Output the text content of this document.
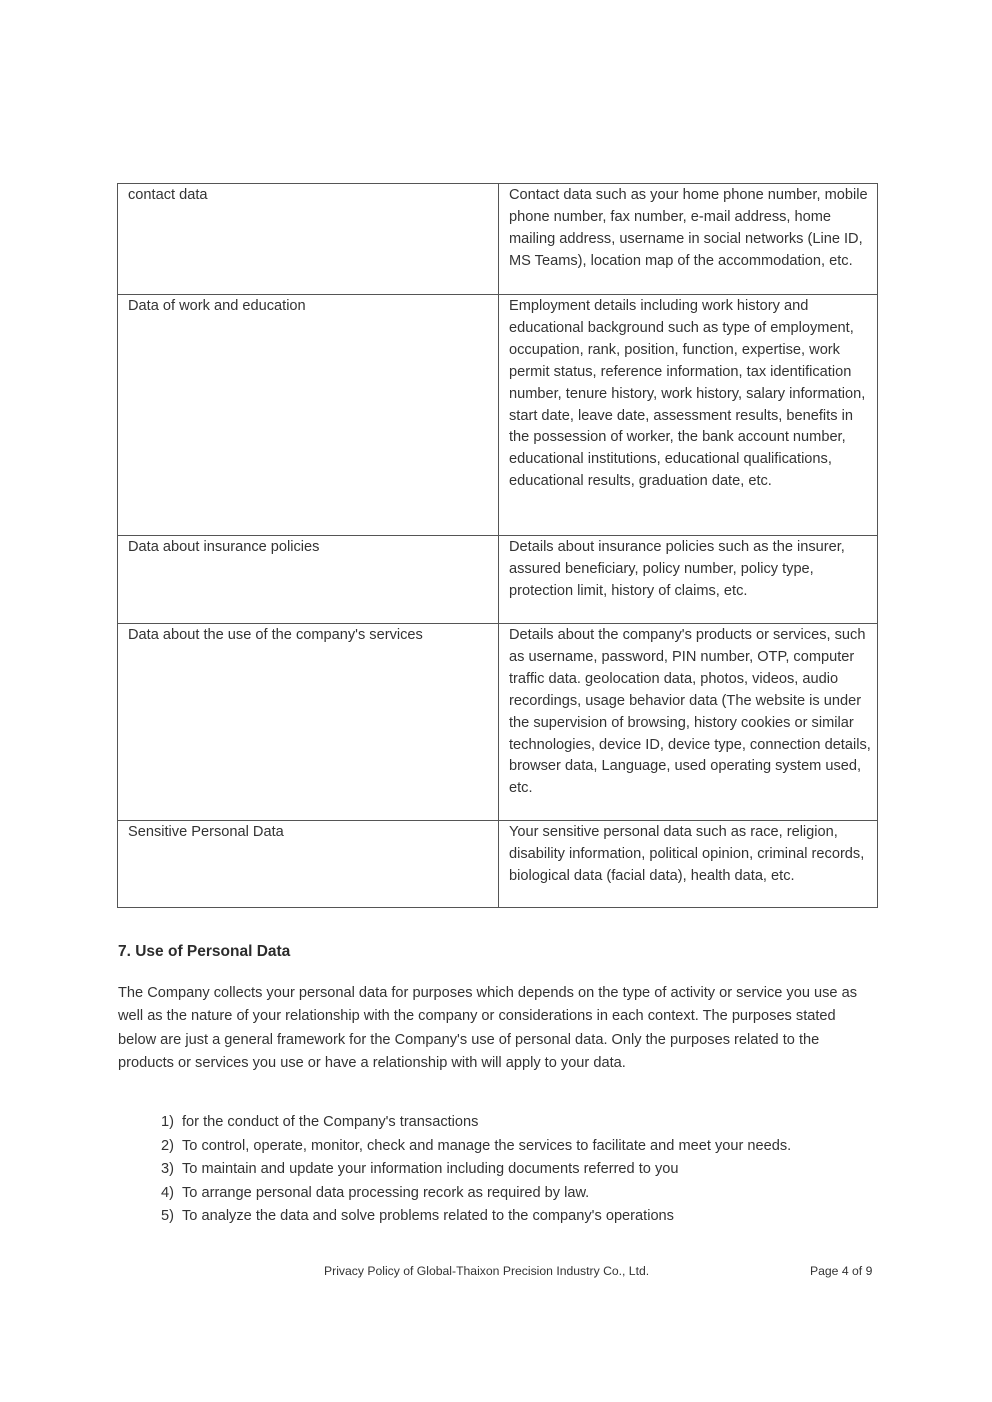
contact data	Contact data such as your home phone number, mobile phone number, fax number, e-mail address, home mailing address, username in social networks (Line ID, MS Teams), location map of the accommodation, etc.
Data of work and education	Employment details including work history and educational background such as type of employment, occupation, rank, position, function, expertise, work permit status, reference information, tax identification number, tenure history, work history, salary information, start date, leave date, assessment results, benefits in the possession of worker, the bank account number, educational institutions, educational qualifications, educational results, graduation date, etc.
Data about insurance policies	Details about insurance policies such as the insurer, assured beneficiary, policy number, policy type, protection limit, history of claims, etc.
Data about the use of the company's services	Details about the company's products or services, such as username, password, PIN number, OTP, computer traffic data. geolocation data, photos, videos, audio recordings, usage behavior data (The website is under the supervision of browsing, history cookies or similar technologies, device ID, device type, connection details, browser data, Language, used operating system used, etc.
Sensitive Personal Data	Your sensitive personal data such as race, religion, disability information, political opinion, criminal records, biological data (facial data), health data, etc.
7. Use of Personal Data

The Company collects your personal data for purposes which depends on the type of activity or service you use as well as the nature of your relationship with the company or considerations in each context. The purposes stated below are just a general framework for the Company's use of personal data. Only the purposes related to the products or services you use or have a relationship with will apply to your data.

1) for the conduct of the Company's transactions
2) To control, operate, monitor, check and manage the services to facilitate and meet your needs.
3) To maintain and update your information including documents referred to you
4) To arrange personal data processing recork as required by law.
5) To analyze the data and solve problems related to the company's operations
Privacy Policy of Global-Thaixon Precision Industry Co., Ltd.	Page 4 of 9
